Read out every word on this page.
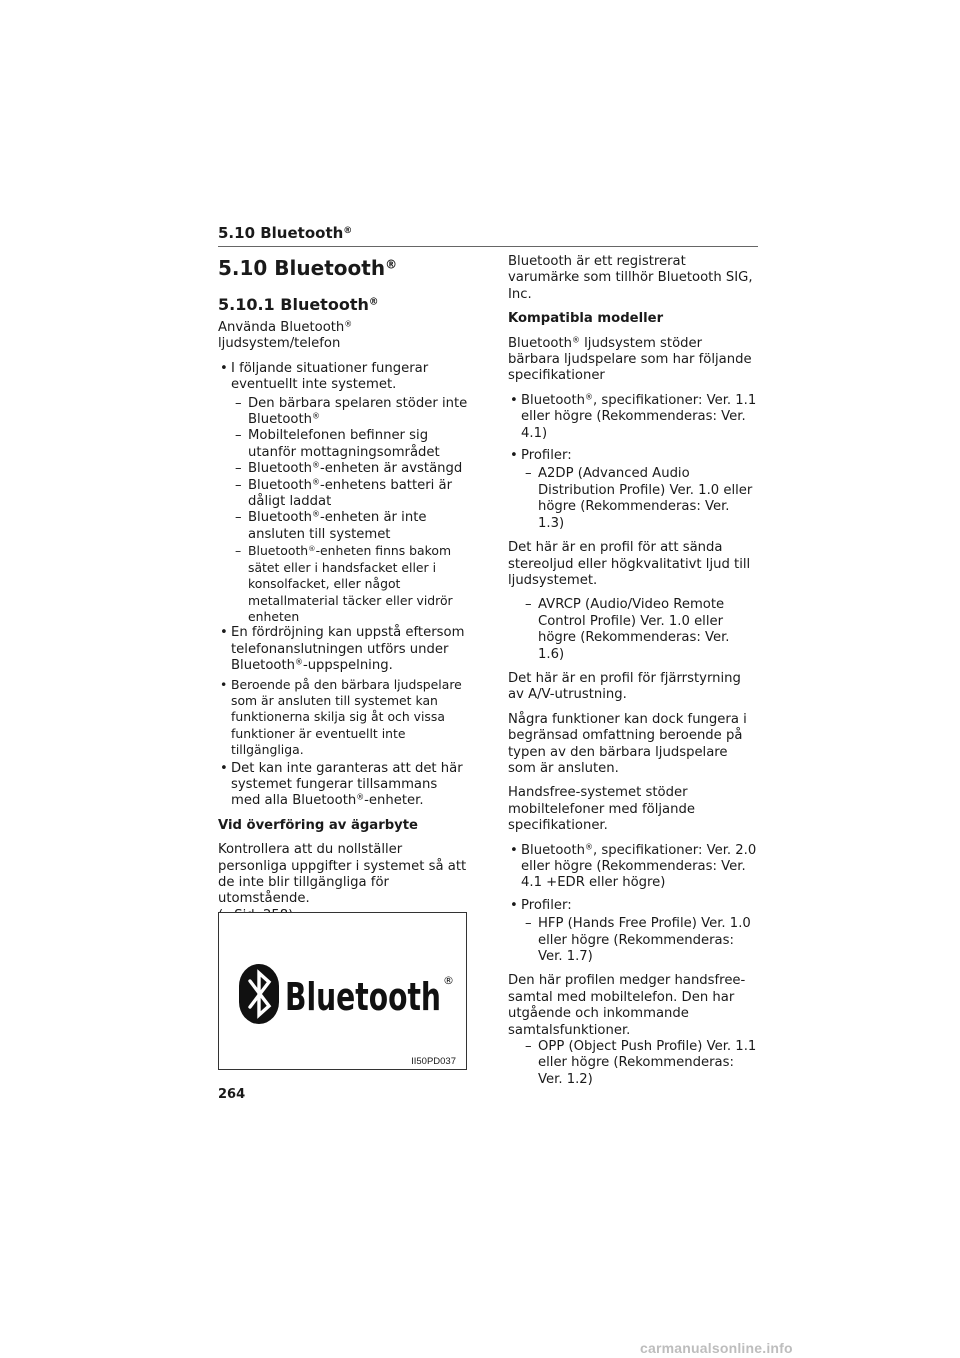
5.10 Bluetooth®
5.10 Bluetooth®
5.10.1 Bluetooth®
Använda Bluetooth® ljudsystem/telefon
• I följande situationer fungerar eventuellt inte systemet.
– Den bärbara spelaren stöder inte Bluetooth®
– Mobiltelefonen befinner sig utanför mottagningsområdet
– Bluetooth®-enheten är avstängd
– Bluetooth®-enhetens batteri är dåligt laddat
– Bluetooth®-enheten är inte ansluten till systemet
– Bluetooth®-enheten finns bakom sätet eller i handsfacket eller i konsolfacket, eller något metallmaterial täcker eller vidrör enheten
• En fördröjning kan uppstå eftersom telefonanslutningen utförs under Bluetooth®-uppspelning.
• Beroende på den bärbara ljudspelare som är ansluten till systemet kan funktionerna skilja sig åt och vissa funktioner är eventuellt inte tillgängliga.
• Det kan inte garanteras att det här systemet fungerar tillsammans med alla Bluetooth®-enheter.
Vid överföring av ägarbyte
Kontrollera att du nollställer personliga uppgifter i systemet så att de inte blir tillgängliga för utomstående.

Bluetooth ®
II50PD037
Bluetooth är ett registrerat varumärke som tillhör Bluetooth SIG, Inc.
Kompatibla modeller
Bluetooth® ljudsystem stöder bärbara ljudspelare som har följande specifikationer
• Bluetooth®, specifikationer: Ver. 1.1 eller högre (Rekommenderas: Ver. 4.1)
• Profiler:
– A2DP (Advanced Audio Distribution Profile) Ver. 1.0 eller högre (Rekommenderas: Ver. 1.3)
Det här är en profil för att sända stereoljud eller högkvalitativt ljud till ljudsystemet.
– AVRCP (Audio/Video Remote Control Profile) Ver. 1.0 eller högre (Rekommenderas: Ver. 1.6)
Det här är en profil för fjärrstyrning av A/V-utrustning.
Några funktioner kan dock fungera i begränsad omfattning beroende på typen av den bärbara ljudspelare som är ansluten.
Handsfree-systemet stöder mobiltelefoner med följande specifikationer.
• Bluetooth®, specifikationer: Ver. 2.0 eller högre (Rekommenderas: Ver. 4.1 +EDR eller högre)
• Profiler:
– HFP (Hands Free Profile) Ver. 1.0 eller högre (Rekommenderas: Ver. 1.7)
Den här profilen medger handsfree-samtal med mobiltelefon. Den har utgående och inkommande samtalsfunktioner.
– OPP (Object Push Profile) Ver. 1.1 eller högre (Rekommenderas: Ver. 1.2)
264
carmanualsonline.info
